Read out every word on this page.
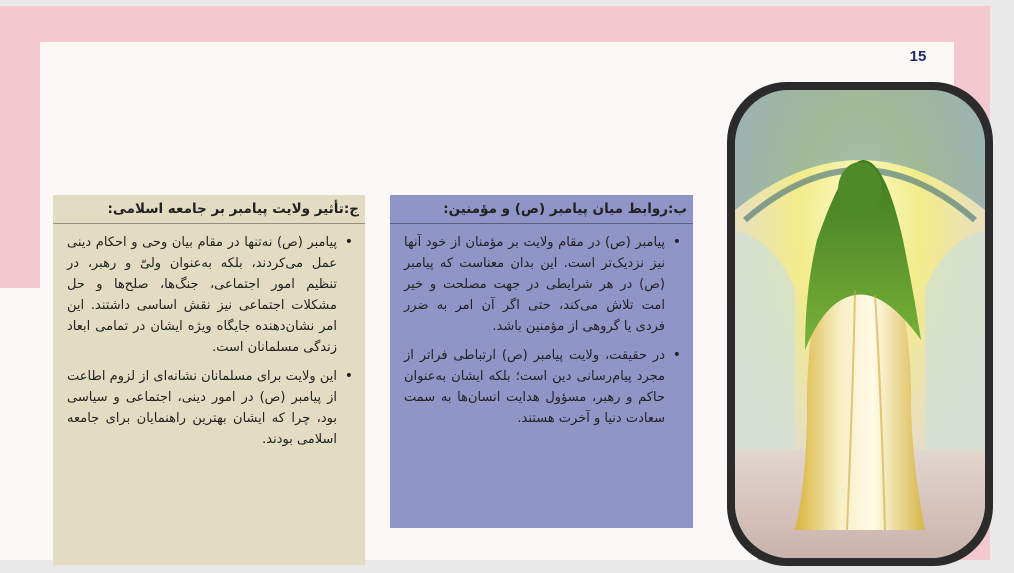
15
ج:تأثیر ولایت پیامبر بر جامعه اسلامی:
•
پیامبر (ص) نه‌تنها در مقام بیان وحی و احکام دینی عمل می‌کردند، بلکه به‌عنوان ولیّ و رهبر، در تنظیم امور اجتماعی، جنگ‌ها، صلح‌ها و حل مشکلات اجتماعی نیز نقش اساسی داشتند. این امر نشان‌دهنده جایگاه ویژه ایشان در تمامی ابعاد زندگی مسلمانان است.
•
این ولایت برای مسلمانان نشانه‌ای از لزوم اطاعت از پیامبر (ص) در امور دینی، اجتماعی و سیاسی بود، چرا که ایشان بهترین راهنمایان برای جامعه اسلامی بودند.
ب:روابط میان پیامبر (ص) و مؤمنین:
•
پیامبر (ص) در مقام ولایت بر مؤمنان از خود آنها نیز نزدیک‌تر است. این بدان معناست که پیامبر (ص) در هر شرایطی در جهت مصلحت و خیر امت تلاش می‌کند، حتی اگر آن امر به ضرر فردی یا گروهی از مؤمنین باشد.
•
در حقیقت، ولایت پیامبر (ص) ارتباطی فراتر از مجرد پیام‌رسانی دین است؛ بلکه ایشان به‌عنوان حاکم و رهبر، مسؤول هدایت انسان‌ها به سمت سعادت دنیا و آخرت هستند.
